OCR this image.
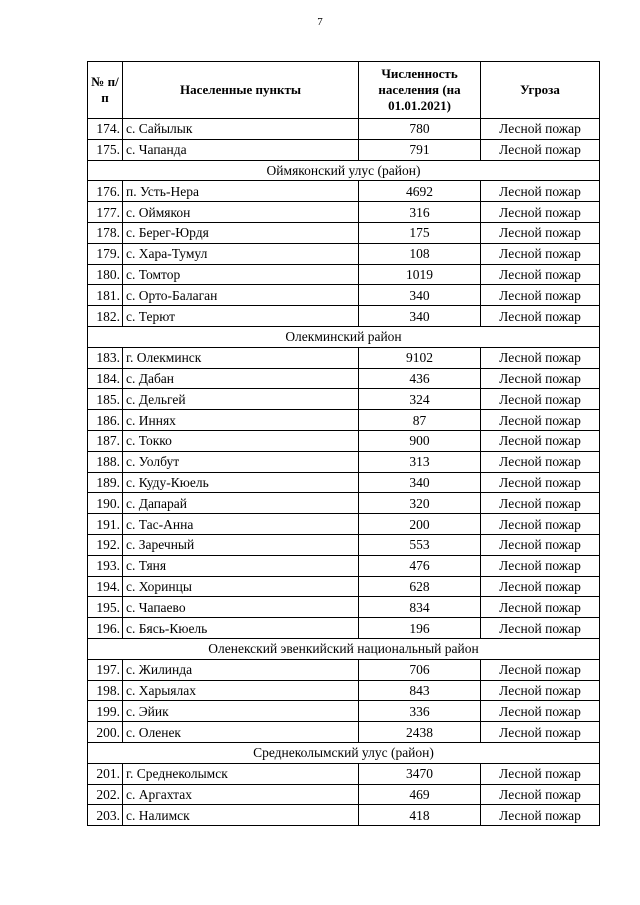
7
№ п/п	Населенные пункты	Численность населения (на 01.01.2021)	Угроза
174.	с. Сайылык	780	Лесной пожар
175.	с. Чапанда	791	Лесной пожар
Оймяконский улус (район)			
176.	п. Усть-Нера	4692	Лесной пожар
177.	с. Оймякон	316	Лесной пожар
178.	с. Берег-Юрдя	175	Лесной пожар
179.	с. Хара-Тумул	108	Лесной пожар
180.	с. Томтор	1019	Лесной пожар
181.	с. Орто-Балаган	340	Лесной пожар
182.	с. Терют	340	Лесной пожар
Олекминский район			
183.	г. Олекминск	9102	Лесной пожар
184.	с. Дабан	436	Лесной пожар
185.	с. Дельгей	324	Лесной пожар
186.	с. Иннях	87	Лесной пожар
187.	с. Токко	900	Лесной пожар
188.	с. Уолбут	313	Лесной пожар
189.	с. Куду-Кюель	340	Лесной пожар
190.	с. Дапарай	320	Лесной пожар
191.	с. Тас-Анна	200	Лесной пожар
192.	с. Заречный	553	Лесной пожар
193.	с. Тяня	476	Лесной пожар
194.	с. Хоринцы	628	Лесной пожар
195.	с. Чапаево	834	Лесной пожар
196.	с. Бясь-Кюель	196	Лесной пожар
Оленекский эвенкийский национальный район			
197.	с. Жилинда	706	Лесной пожар
198.	с. Харыялах	843	Лесной пожар
199.	с. Эйик	336	Лесной пожар
200.	с. Оленек	2438	Лесной пожар
Среднеколымский улус (район)			
201.	г. Среднеколымск	3470	Лесной пожар
202.	с. Аргахтах	469	Лесной пожар
203.	с. Налимск	418	Лесной пожар
